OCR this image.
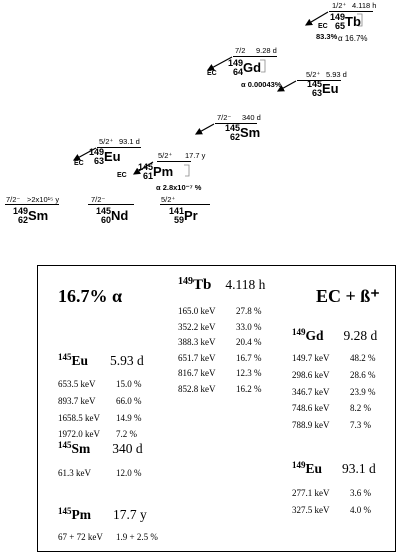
1/2⁺ 4.118 h
EC
149
65 Tb
83.3% α 16.7%
7/2 9.28 d
EC
149
64 Gd
α 0.00043%
5/2⁺ 5.93 d
145
63 Eu
7/2⁻ 340 d
145
62 Sm
5/2⁺ 93.1 d
EC
149
63 Eu	5/2⁺ 17.7 y
EC
145
61 Pm
α 2.8x10⁻⁷ %
7/2⁻ >2x10¹⁵ y
149
62 Sm
7/2⁻
145
60 Nd
5/2⁺
141
59 Pr
16.7% α	EC + ß⁺
$^{149}$Tb 4.118 h
165.0 keV 27.8 %
352.2 keV 33.0 %
388.3 keV 20.4 %
651.7 keV 16.7 %
816.7 keV 12.3 %
852.8 keV 16.2 %
$^{145}$Eu 5.93 d
653.5 keV 15.0 %
893.7 keV 66.0 %
1658.5 keV 14.9 %
1972.0 keV 7.2 %
$^{145}$Sm 340 d
61.3 keV	12.0 %
$^{145}$Pm 17.7 y
67 + 72 keV 1.9 + 2.5 %
$^{149}$Gd 9.28 d
149.7 keV 48.2 %
298.6 keV 28.6 %
346.7 keV 23.9 %
748.6 keV 8.2 %
788.9 keV 7.3 %
$^{149}$Eu 93.1 d
277.1 keV 3.6 %
327.5 keV 4.0 %
